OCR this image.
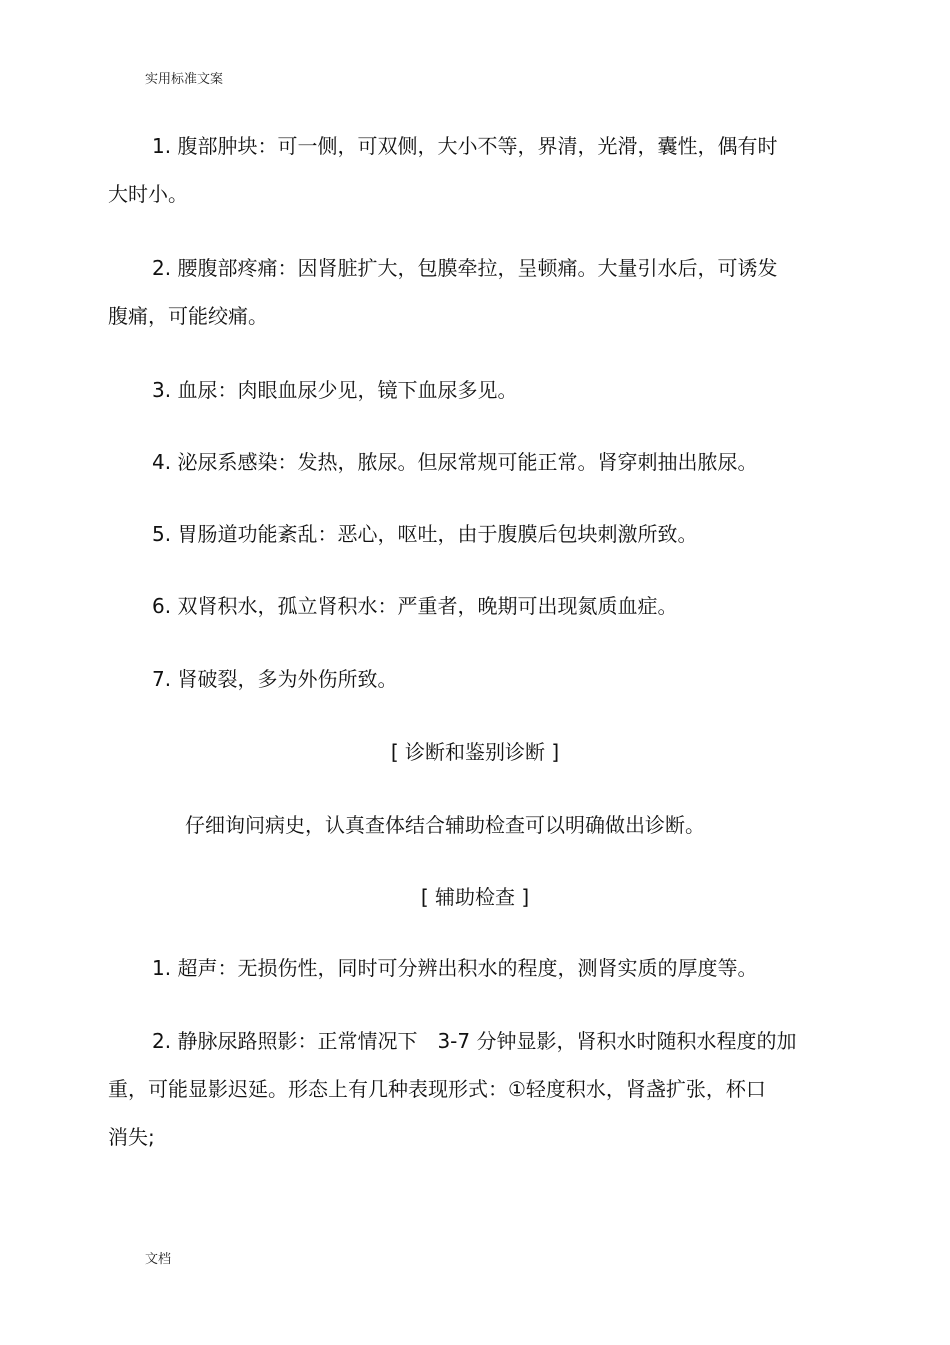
实用标准文案

1. 腹部肿块：可一侧，可双侧，大小不等，界清，光滑，囊性，偶有时
大时小。

2. 腰腹部疼痛：因肾脏扩大，包膜牵拉，呈顿痛。大量引水后，可诱发
腹痛，可能绞痛。

3. 血尿：肉眼血尿少见，镜下血尿多见。

4. 泌尿系感染：发热，脓尿。但尿常规可能正常。肾穿刺抽出脓尿。

5. 胃肠道功能紊乱：恶心，呕吐，由于腹膜后包块刺激所致。

6. 双肾积水，孤立肾积水：严重者，晚期可出现氮质血症。

7. 肾破裂，多为外伤所致。

[ 诊断和鉴别诊断 ]
仔细询问病史，认真查体结合辅助检查可以明确做出诊断。
[ 辅助检查 ]

1. 超声：无损伤性，同时可分辨出积水的程度，测肾实质的厚度等。

2. 静脉尿路照影：正常情况下　3-7 分钟显影，肾积水时随积水程度的加
重，可能显影迟延。形态上有几种表现形式：①轻度积水，肾盏扩张，杯口
消失;

文档
